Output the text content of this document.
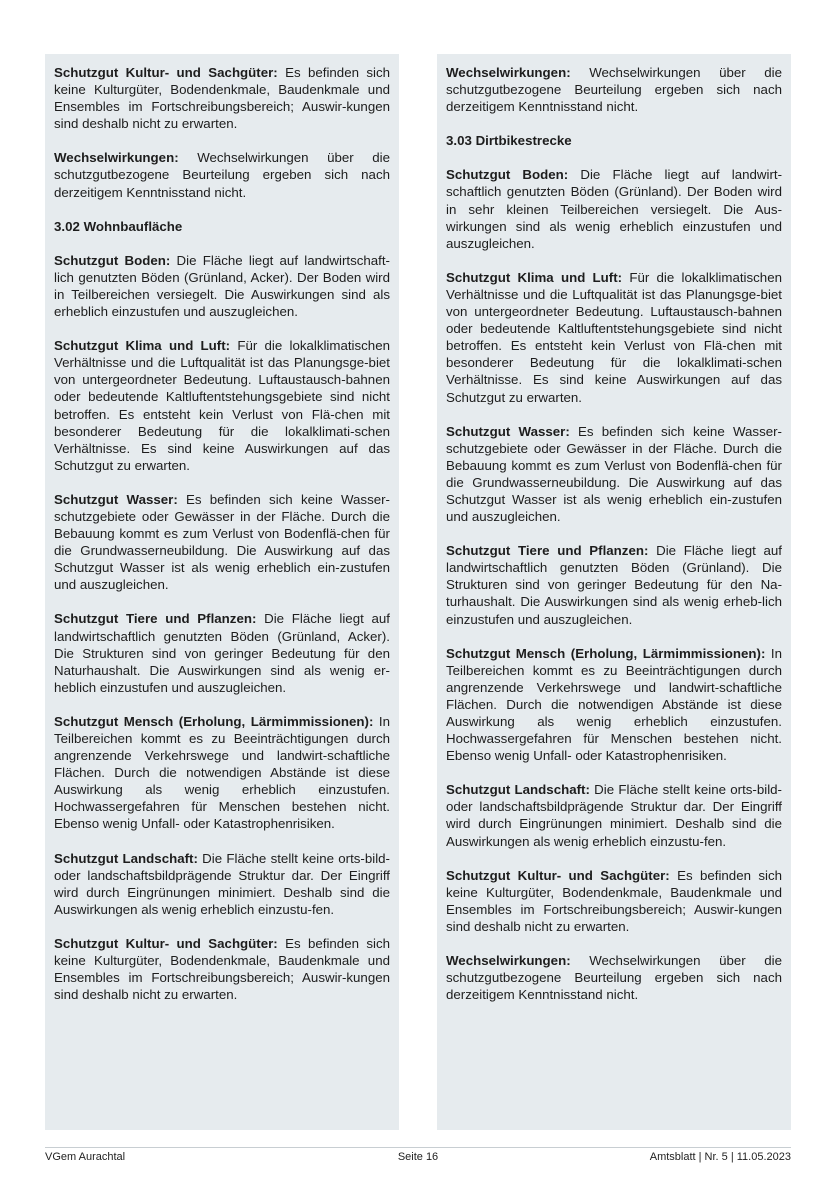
Schutzgut Kultur- und Sachgüter: Es befinden sich keine Kulturgüter, Bodendenkmale, Baudenkmale und Ensembles im Fortschreibungsbereich; Auswir-kungen sind deshalb nicht zu erwarten.

Wechselwirkungen: Wechselwirkungen über die schutzgutbezogene Beurteilung ergeben sich nach derzeitigem Kenntnisstand nicht.

3.02 Wohnbaufläche

Schutzgut Boden: Die Fläche liegt auf landwirtschaft-lich genutzten Böden (Grünland, Acker). Der Boden wird in Teilbereichen versiegelt. Die Auswirkungen sind als erheblich einzustufen und auszugleichen.

Schutzgut Klima und Luft: Für die lokalklimatischen Verhältnisse und die Luftqualität ist das Planungsge-biet von untergeordneter Bedeutung. Luftaustausch-bahnen oder bedeutende Kaltluftentstehungsgebiete sind nicht betroffen. Es entsteht kein Verlust von Flä-chen mit besonderer Bedeutung für die lokalklimati-schen Verhältnisse. Es sind keine Auswirkungen auf das Schutzgut zu erwarten.

Schutzgut Wasser: Es befinden sich keine Wasser-schutzgebiete oder Gewässer in der Fläche. Durch die Bebauung kommt es zum Verlust von Bodenflä-chen für die Grundwasserneubildung. Die Auswirkung auf das Schutzgut Wasser ist als wenig erheblich ein-zustufen und auszugleichen.

Schutzgut Tiere und Pflanzen: Die Fläche liegt auf landwirtschaftlich genutzten Böden (Grünland, Acker). Die Strukturen sind von geringer Bedeutung für den Naturhaushalt. Die Auswirkungen sind als wenig er-heblich einzustufen und auszugleichen.

Schutzgut Mensch (Erholung, Lärmimmissionen): In Teilbereichen kommt es zu Beeinträchtigungen durch angrenzende Verkehrswege und landwirt-schaftliche Flächen. Durch die notwendigen Abstände ist diese Auswirkung als wenig erheblich einzustufen. Hochwassergefahren für Menschen bestehen nicht. Ebenso wenig Unfall- oder Katastrophenrisiken.

Schutzgut Landschaft: Die Fläche stellt keine orts-bild- oder landschaftsbildprägende Struktur dar. Der Eingriff wird durch Eingrünungen minimiert. Deshalb sind die Auswirkungen als wenig erheblich einzustu-fen.

Schutzgut Kultur- und Sachgüter: Es befinden sich keine Kulturgüter, Bodendenkmale, Baudenkmale und Ensembles im Fortschreibungsbereich; Auswir-kungen sind deshalb nicht zu erwarten.

Wechselwirkungen: Wechselwirkungen über die schutzgutbezogene Beurteilung ergeben sich nach derzeitigem Kenntnisstand nicht.

3.03 Dirtbikestrecke

Schutzgut Boden: Die Fläche liegt auf landwirt-schaftlich genutzten Böden (Grünland). Der Boden wird in sehr kleinen Teilbereichen versiegelt. Die Aus-wirkungen sind als wenig erheblich einzustufen und auszugleichen.

Schutzgut Klima und Luft: Für die lokalklimatischen Verhältnisse und die Luftqualität ist das Planungsge-biet von untergeordneter Bedeutung. Luftaustausch-bahnen oder bedeutende Kaltluftentstehungsgebiete sind nicht betroffen. Es entsteht kein Verlust von Flä-chen mit besonderer Bedeutung für die lokalklimati-schen Verhältnisse. Es sind keine Auswirkungen auf das Schutzgut zu erwarten.

Schutzgut Wasser: Es befinden sich keine Wasser-schutzgebiete oder Gewässer in der Fläche. Durch die Bebauung kommt es zum Verlust von Bodenflä-chen für die Grundwasserneubildung. Die Auswirkung auf das Schutzgut Wasser ist als wenig erheblich ein-zustufen und auszugleichen.

Schutzgut Tiere und Pflanzen: Die Fläche liegt auf landwirtschaftlich genutzten Böden (Grünland). Die Strukturen sind von geringer Bedeutung für den Na-turhaushalt. Die Auswirkungen sind als wenig erheb-lich einzustufen und auszugleichen.

Schutzgut Mensch (Erholung, Lärmimmissionen): In Teilbereichen kommt es zu Beeinträchtigungen durch angrenzende Verkehrswege und landwirt-schaftliche Flächen. Durch die notwendigen Abstände ist diese Auswirkung als wenig erheblich einzustufen. Hochwassergefahren für Menschen bestehen nicht. Ebenso wenig Unfall- oder Katastrophenrisiken.

Schutzgut Landschaft: Die Fläche stellt keine orts-bild- oder landschaftsbildprägende Struktur dar. Der Eingriff wird durch Eingrünungen minimiert. Deshalb sind die Auswirkungen als wenig erheblich einzustu-fen.

Schutzgut Kultur- und Sachgüter: Es befinden sich keine Kulturgüter, Bodendenkmale, Baudenkmale und Ensembles im Fortschreibungsbereich; Auswir-kungen sind deshalb nicht zu erwarten.

Wechselwirkungen: Wechselwirkungen über die schutzgutbezogene Beurteilung ergeben sich nach derzeitigem Kenntnisstand nicht.

VGem Aurachtal	Seite 16	Amtsblatt | Nr. 5 | 11.05.2023
